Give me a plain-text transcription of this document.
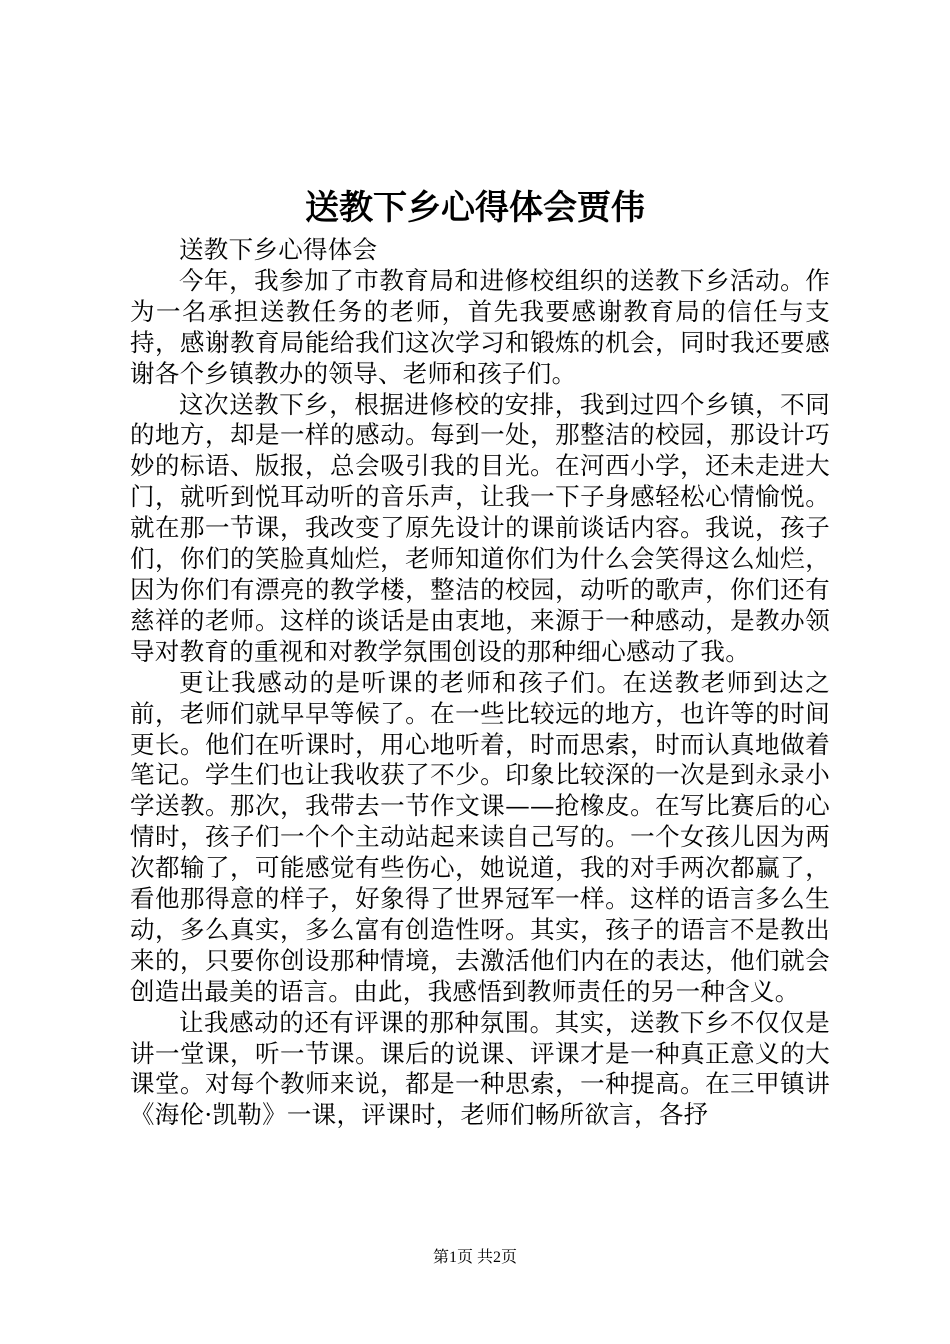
送教下乡心得体会贾伟

送教下乡心得体会

今年，我参加了市教育局和进修校组织的送教下乡活动。作为一名承担送教任务的老师，首先我要感谢教育局的信任与支持，感谢教育局能给我们这次学习和锻炼的机会，同时我还要感谢各个乡镇教办的领导、老师和孩子们。

这次送教下乡，根据进修校的安排，我到过四个乡镇，不同的地方，却是一样的感动。每到一处，那整洁的校园，那设计巧妙的标语、版报，总会吸引我的目光。在河西小学，还未走进大门，就听到悦耳动听的音乐声，让我一下子身感轻松心情愉悦。就在那一节课，我改变了原先设计的课前谈话内容。我说，孩子们，你们的笑脸真灿烂，老师知道你们为什么会笑得这么灿烂，因为你们有漂亮的教学楼，整洁的校园，动听的歌声，你们还有慈祥的老师。这样的谈话是由衷地，来源于一种感动，是教办领导对教育的重视和对教学氛围创设的那种细心感动了我。

更让我感动的是听课的老师和孩子们。在送教老师到达之前，老师们就早早等候了。在一些比较远的地方，也许等的时间更长。他们在听课时，用心地听着，时而思索，时而认真地做着笔记。学生们也让我收获了不少。印象比较深的一次是到永录小学送教。那次，我带去一节作文课——抢橡皮。在写比赛后的心情时，孩子们一个个主动站起来读自己写的。一个女孩儿因为两次都输了，可能感觉有些伤心，她说道，我的对手两次都赢了，看他那得意的样子，好象得了世界冠军一样。这样的语言多么生动，多么真实，多么富有创造性呀。其实，孩子的语言不是教出来的，只要你创设那种情境，去激活他们内在的表达，他们就会创造出最美的语言。由此，我感悟到教师责任的另一种含义。

让我感动的还有评课的那种氛围。其实，送教下乡不仅仅是讲一堂课，听一节课。课后的说课、评课才是一种真正意义的大课堂。对每个教师来说，都是一种思索，一种提高。在三甲镇讲《海伦·凯勒》一课，评课时，老师们畅所欲言，各抒

第1页 共2页
